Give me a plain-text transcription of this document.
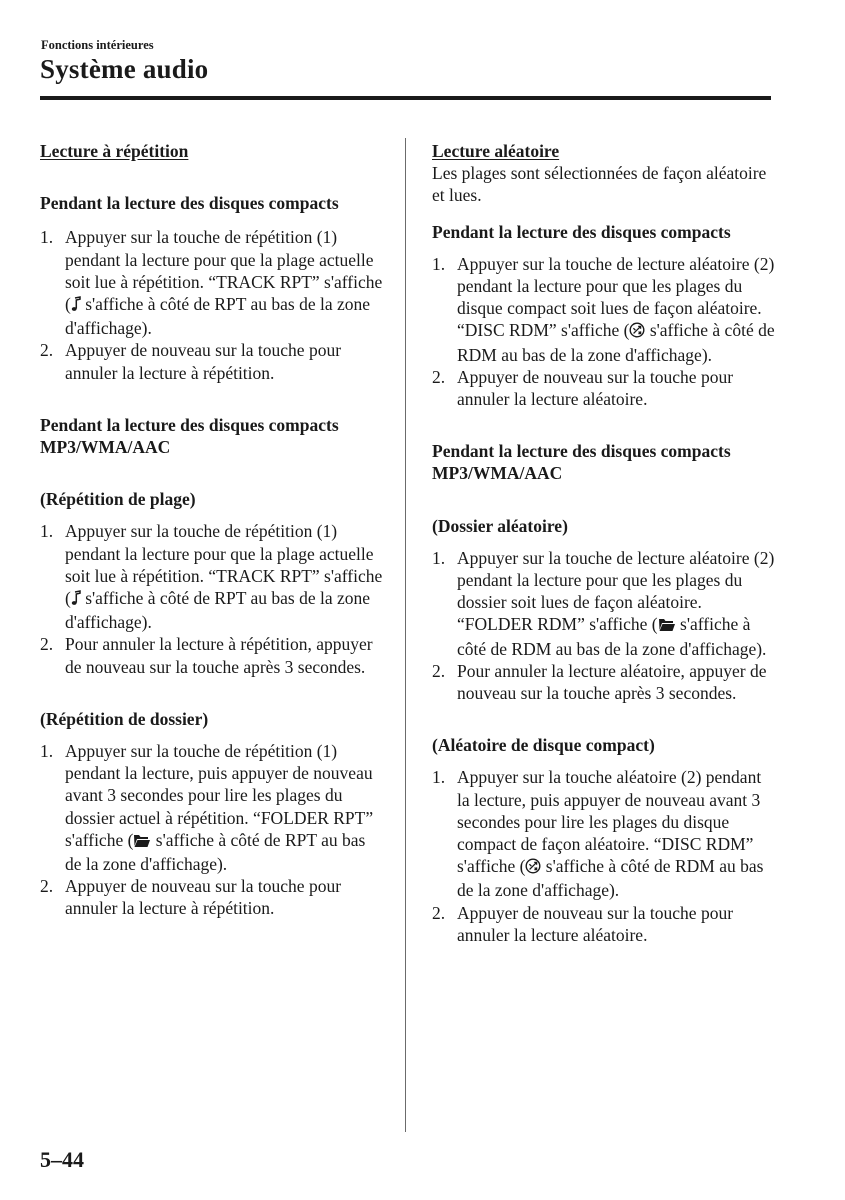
Fonctions intérieures
Système audio

Lecture à répétition

Pendant la lecture des disques compacts

1. Appuyer sur la touche de répétition (1) pendant la lecture pour que la plage actuelle soit lue à répétition. “TRACK RPT” s'affiche ( s'affiche à côté de RPT au bas de la zone d'affichage).
2. Appuyer de nouveau sur la touche pour annuler la lecture à répétition.

Pendant la lecture des disques compacts

MP3/WMA/AAC

(Répétition de plage)

1. Appuyer sur la touche de répétition (1) pendant la lecture pour que la plage actuelle soit lue à répétition. “TRACK RPT” s'affiche ( s'affiche à côté de RPT au bas de la zone d'affichage).
2. Pour annuler la lecture à répétition, appuyer de nouveau sur la touche après 3 secondes.

(Répétition de dossier)

1. Appuyer sur la touche de répétition (1) pendant la lecture, puis appuyer de nouveau avant 3 secondes pour lire les plages du dossier actuel à répétition. “FOLDER RPT” s'affiche ( s'affiche à côté de RPT au bas de la zone d'affichage).
2. Appuyer de nouveau sur la touche pour annuler la lecture à répétition.

Lecture aléatoire

Les plages sont sélectionnées de façon aléatoire et lues.

Pendant la lecture des disques compacts

1. Appuyer sur la touche de lecture aléatoire (2) pendant la lecture pour que les plages du disque compact soit lues de façon aléatoire. “DISC RDM” s'affiche ( s'affiche à côté de RDM au bas de la zone d'affichage).
2. Appuyer de nouveau sur la touche pour annuler la lecture aléatoire.

Pendant la lecture des disques compacts

MP3/WMA/AAC

(Dossier aléatoire)

1. Appuyer sur la touche de lecture aléatoire (2) pendant la lecture pour que les plages du dossier soit lues de façon aléatoire. “FOLDER RDM” s'affiche ( s'affiche à côté de RDM au bas de la zone d'affichage).
2. Pour annuler la lecture aléatoire, appuyer de nouveau sur la touche après 3 secondes.

(Aléatoire de disque compact)

1. Appuyer sur la touche aléatoire (2) pendant la lecture, puis appuyer de nouveau avant 3 secondes pour lire les plages du disque compact de façon aléatoire. “DISC RDM” s'affiche ( s'affiche à côté de RDM au bas de la zone d'affichage).
2. Appuyer de nouveau sur la touche pour annuler la lecture aléatoire.
5–44
